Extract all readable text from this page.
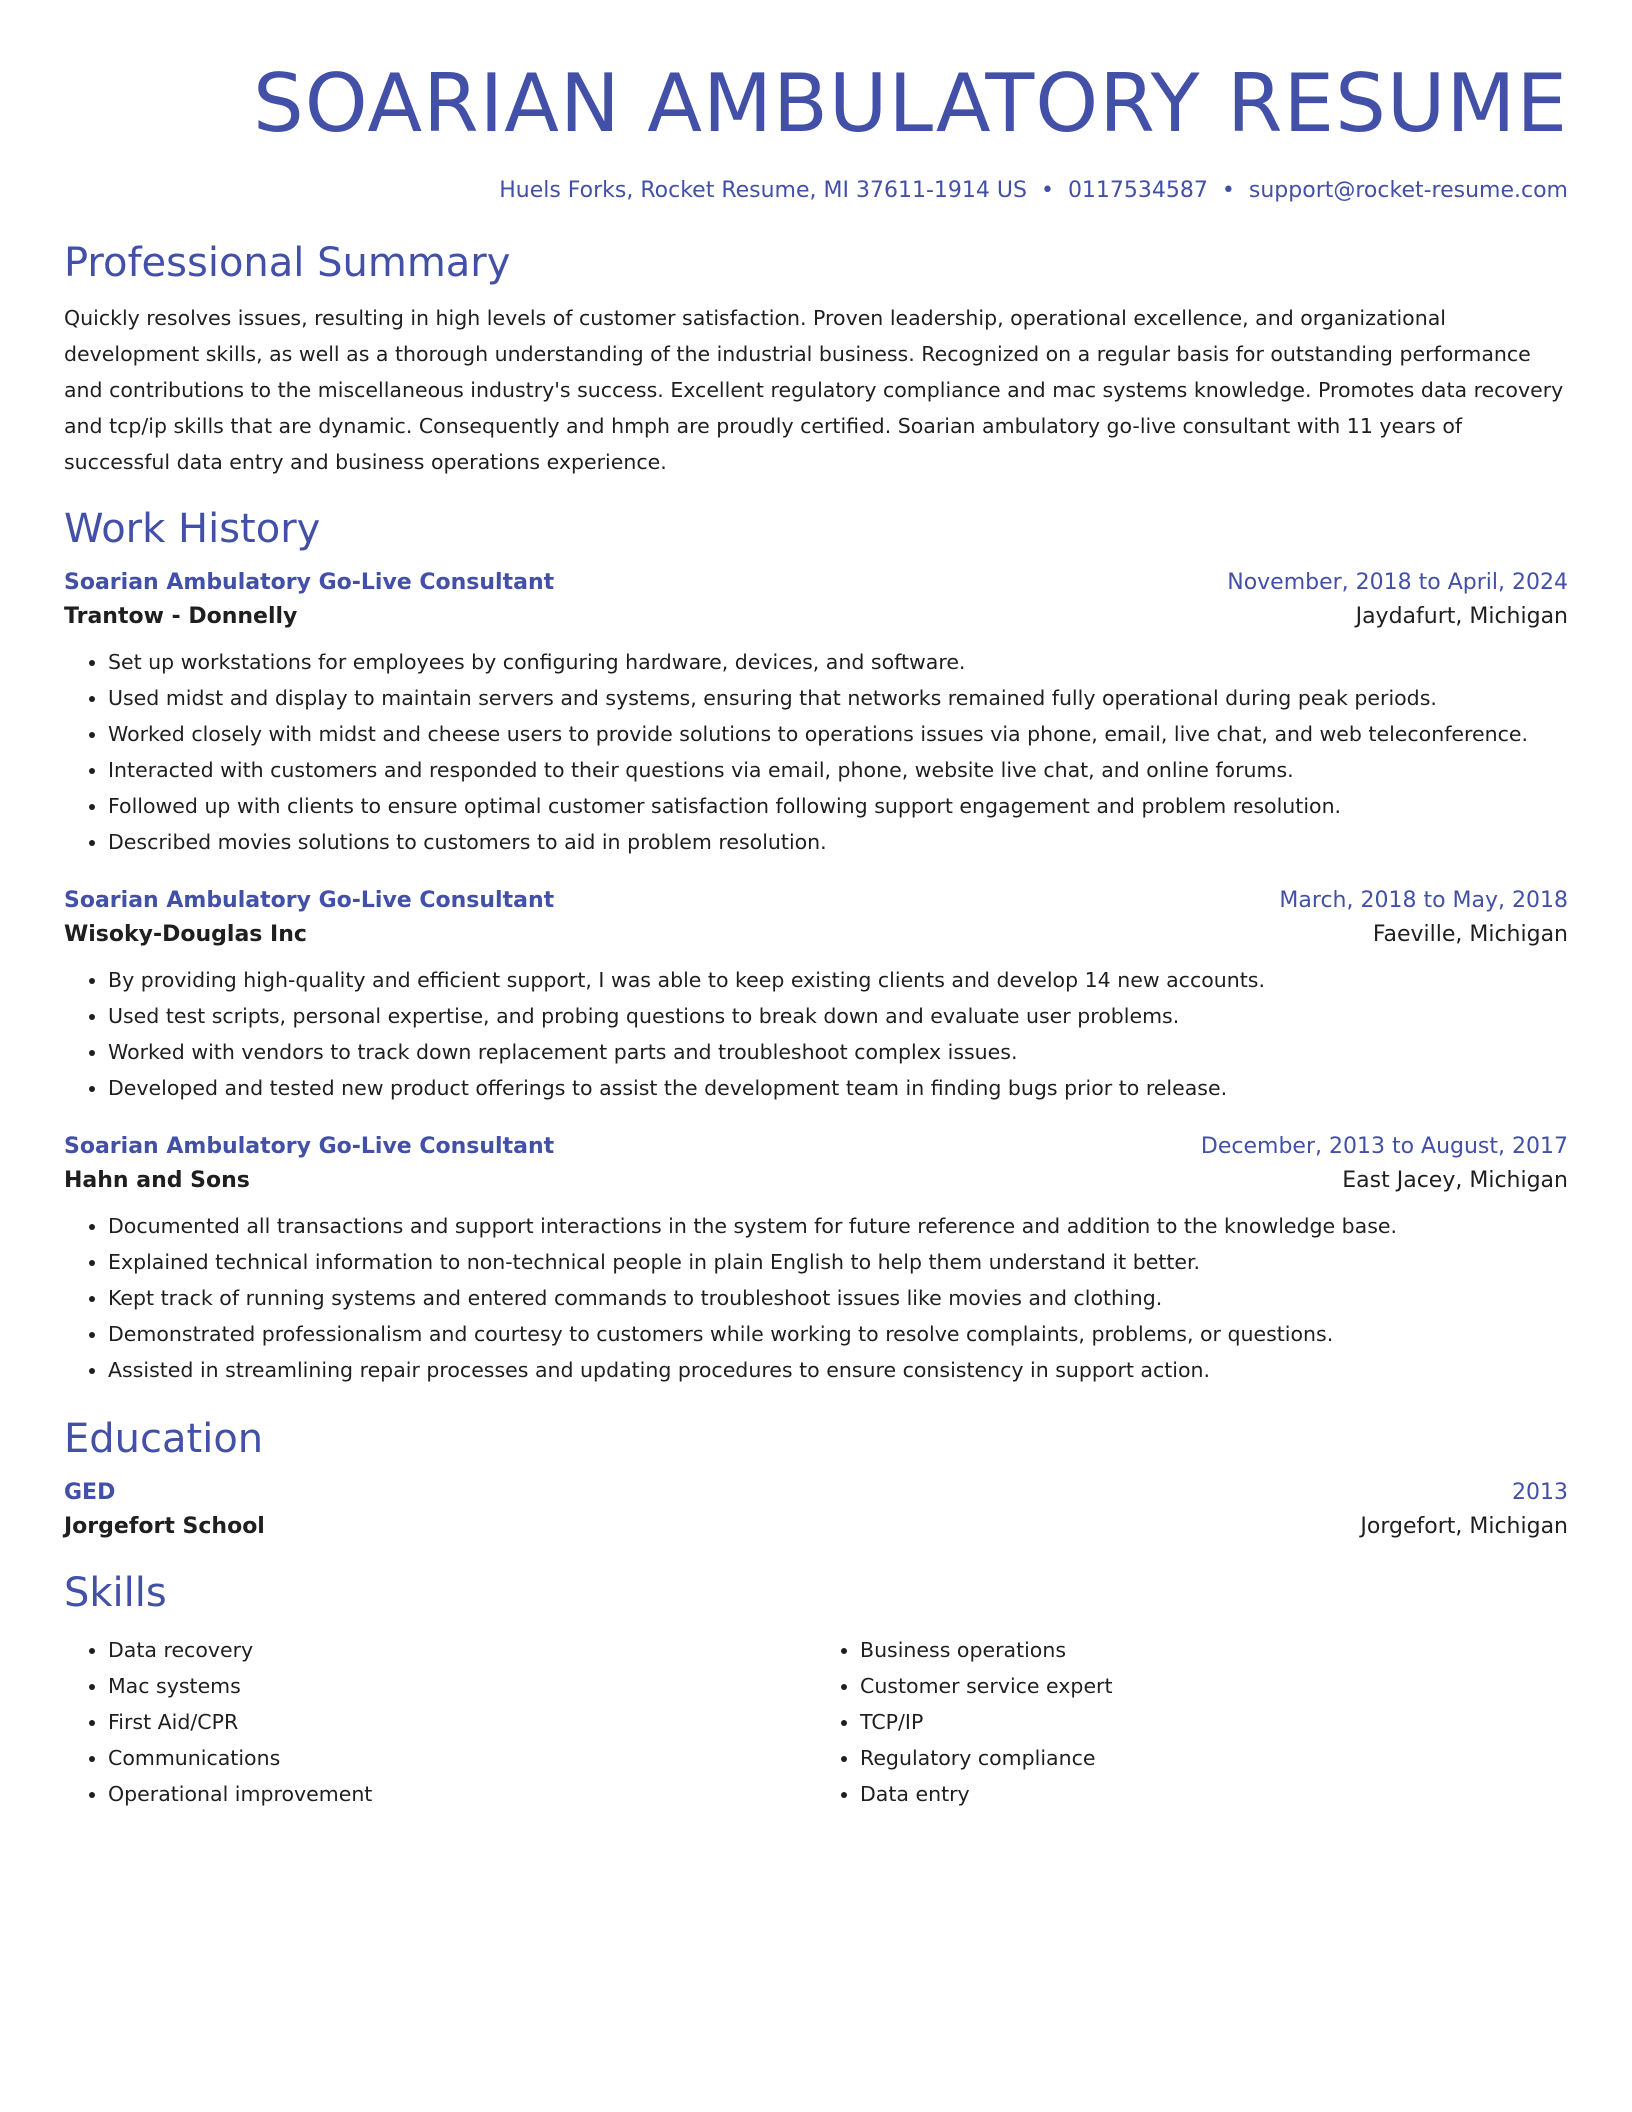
SOARIAN AMBULATORY RESUME
Huels Forks, Rocket Resume, MI 37611-1914 US • 0117534587 • support@rocket-resume.com
Professional Summary
Quickly resolves issues, resulting in high levels of customer satisfaction. Proven leadership, operational excellence, and organizational development skills, as well as a thorough understanding of the industrial business. Recognized on a regular basis for outstanding performance and contributions to the miscellaneous industry's success. Excellent regulatory compliance and mac systems knowledge. Promotes data recovery and tcp/ip skills that are dynamic. Consequently and hmph are proudly certified. Soarian ambulatory go-live consultant with 11 years of successful data entry and business operations experience.
Work History
Soarian Ambulatory Go-Live Consultant	November, 2018 to April, 2024
Trantow - Donnelly	Jaydafurt, Michigan
• Set up workstations for employees by configuring hardware, devices, and software.
• Used midst and display to maintain servers and systems, ensuring that networks remained fully operational during peak periods.
• Worked closely with midst and cheese users to provide solutions to operations issues via phone, email, live chat, and web teleconference.
• Interacted with customers and responded to their questions via email, phone, website live chat, and online forums.
• Followed up with clients to ensure optimal customer satisfaction following support engagement and problem resolution.
• Described movies solutions to customers to aid in problem resolution.
Soarian Ambulatory Go-Live Consultant	March, 2018 to May, 2018
Wisoky-Douglas Inc	Faeville, Michigan
• By providing high-quality and efficient support, I was able to keep existing clients and develop 14 new accounts.
• Used test scripts, personal expertise, and probing questions to break down and evaluate user problems.
• Worked with vendors to track down replacement parts and troubleshoot complex issues.
• Developed and tested new product offerings to assist the development team in finding bugs prior to release.
Soarian Ambulatory Go-Live Consultant	December, 2013 to August, 2017
Hahn and Sons	East Jacey, Michigan
• Documented all transactions and support interactions in the system for future reference and addition to the knowledge base.
• Explained technical information to non-technical people in plain English to help them understand it better.
• Kept track of running systems and entered commands to troubleshoot issues like movies and clothing.
• Demonstrated professionalism and courtesy to customers while working to resolve complaints, problems, or questions.
• Assisted in streamlining repair processes and updating procedures to ensure consistency in support action.
Education
GED	2013
Jorgefort School	Jorgefort, Michigan
Skills
• Data recovery
• Mac systems
• First Aid/CPR
• Communications
• Operational improvement
• Business operations
• Customer service expert
• TCP/IP
• Regulatory compliance
• Data entry
